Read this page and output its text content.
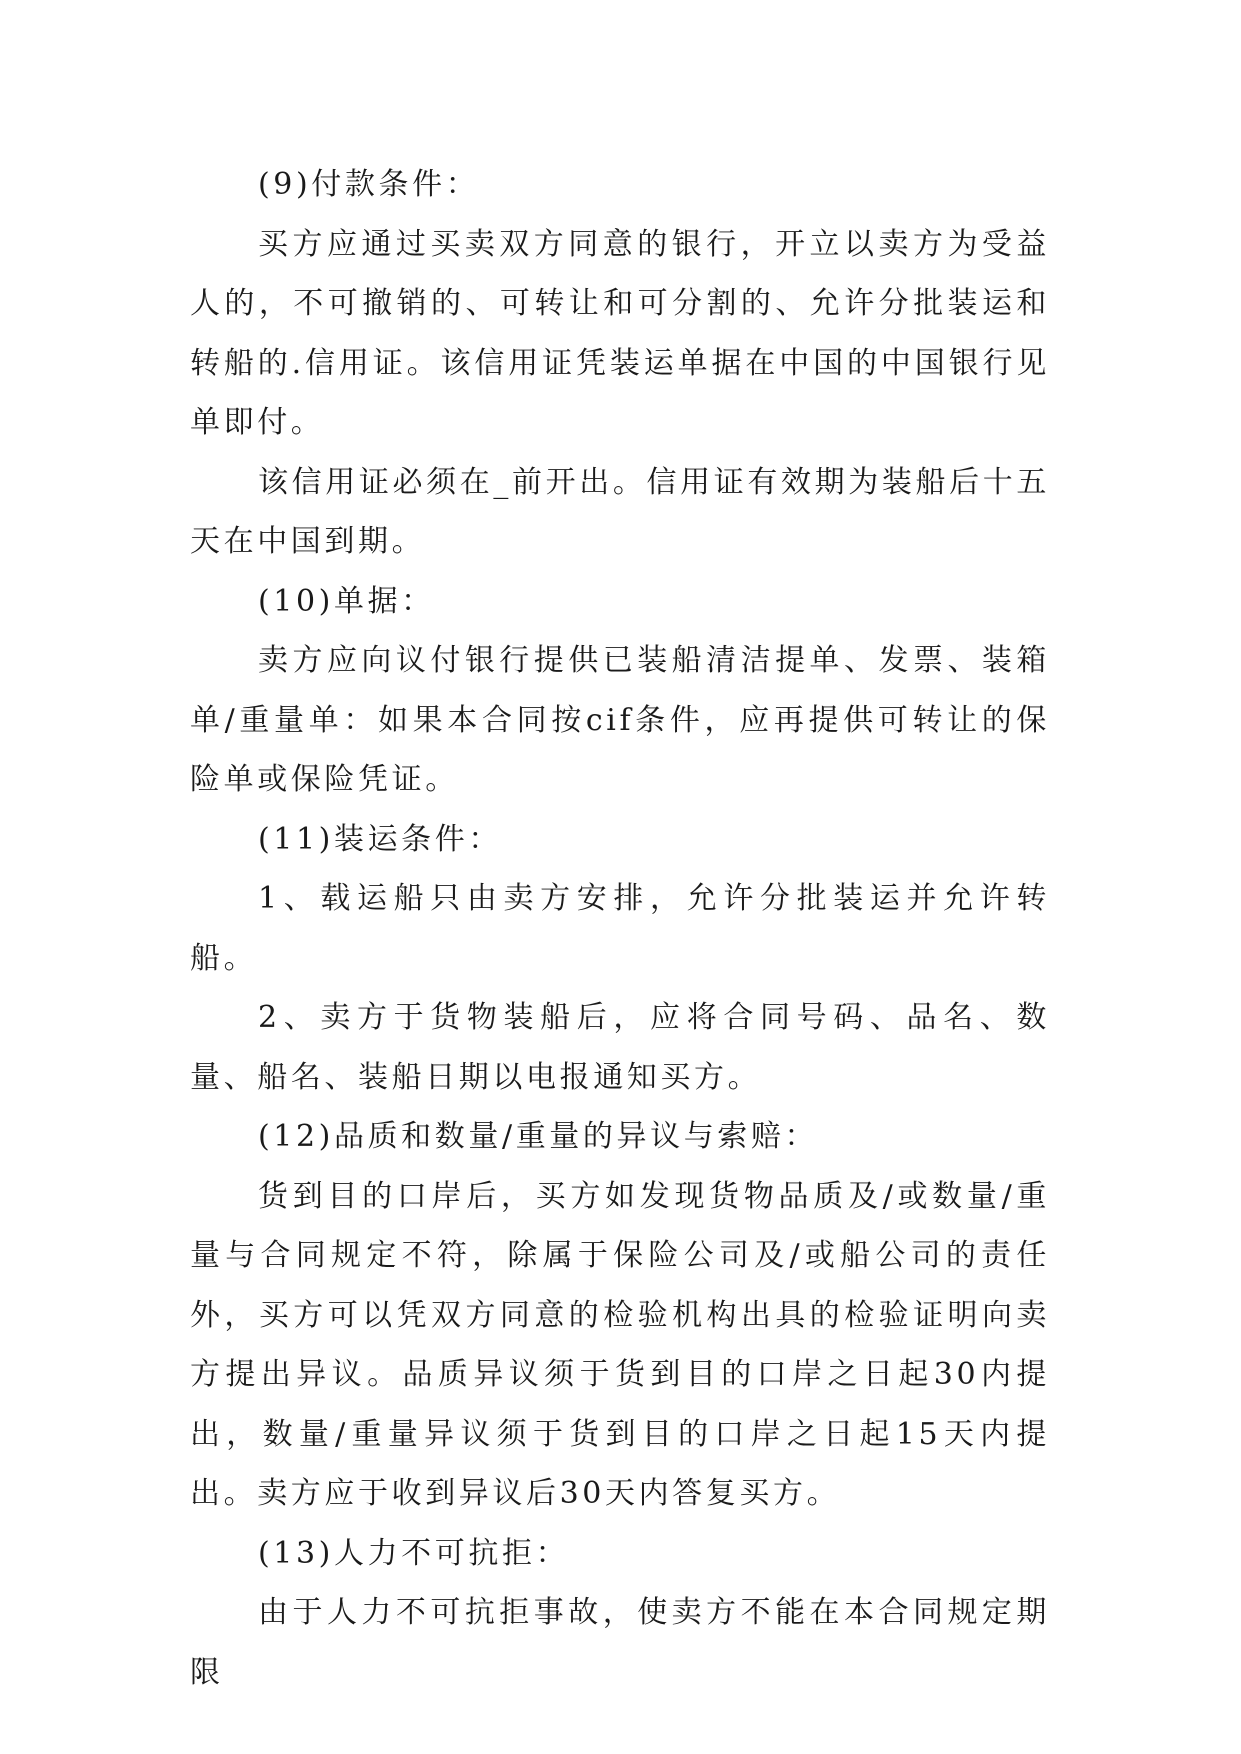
(9)付款条件：

买方应通过买卖双方同意的银行，开立以卖方为受益人的，不可撤销的、可转让和可分割的、允许分批装运和转船的.信用证。该信用证凭装运单据在中国的中国银行见单即付。

该信用证必须在_前开出。信用证有效期为装船后十五天在中国到期。

(10)单据：

卖方应向议付银行提供已装船清洁提单、发票、装箱单/重量单：如果本合同按cif条件，应再提供可转让的保险单或保险凭证。

(11)装运条件：

1、载运船只由卖方安排，允许分批装运并允许转船。

2、卖方于货物装船后，应将合同号码、品名、数量、船名、装船日期以电报通知买方。

(12)品质和数量/重量的异议与索赔：

货到目的口岸后，买方如发现货物品质及/或数量/重量与合同规定不符，除属于保险公司及/或船公司的责任外，买方可以凭双方同意的检验机构出具的检验证明向卖方提出异议。品质异议须于货到目的口岸之日起30内提出，数量/重量异议须于货到目的口岸之日起15天内提出。卖方应于收到异议后30天内答复买方。

(13)人力不可抗拒：

由于人力不可抗拒事故，使卖方不能在本合同规定期限
